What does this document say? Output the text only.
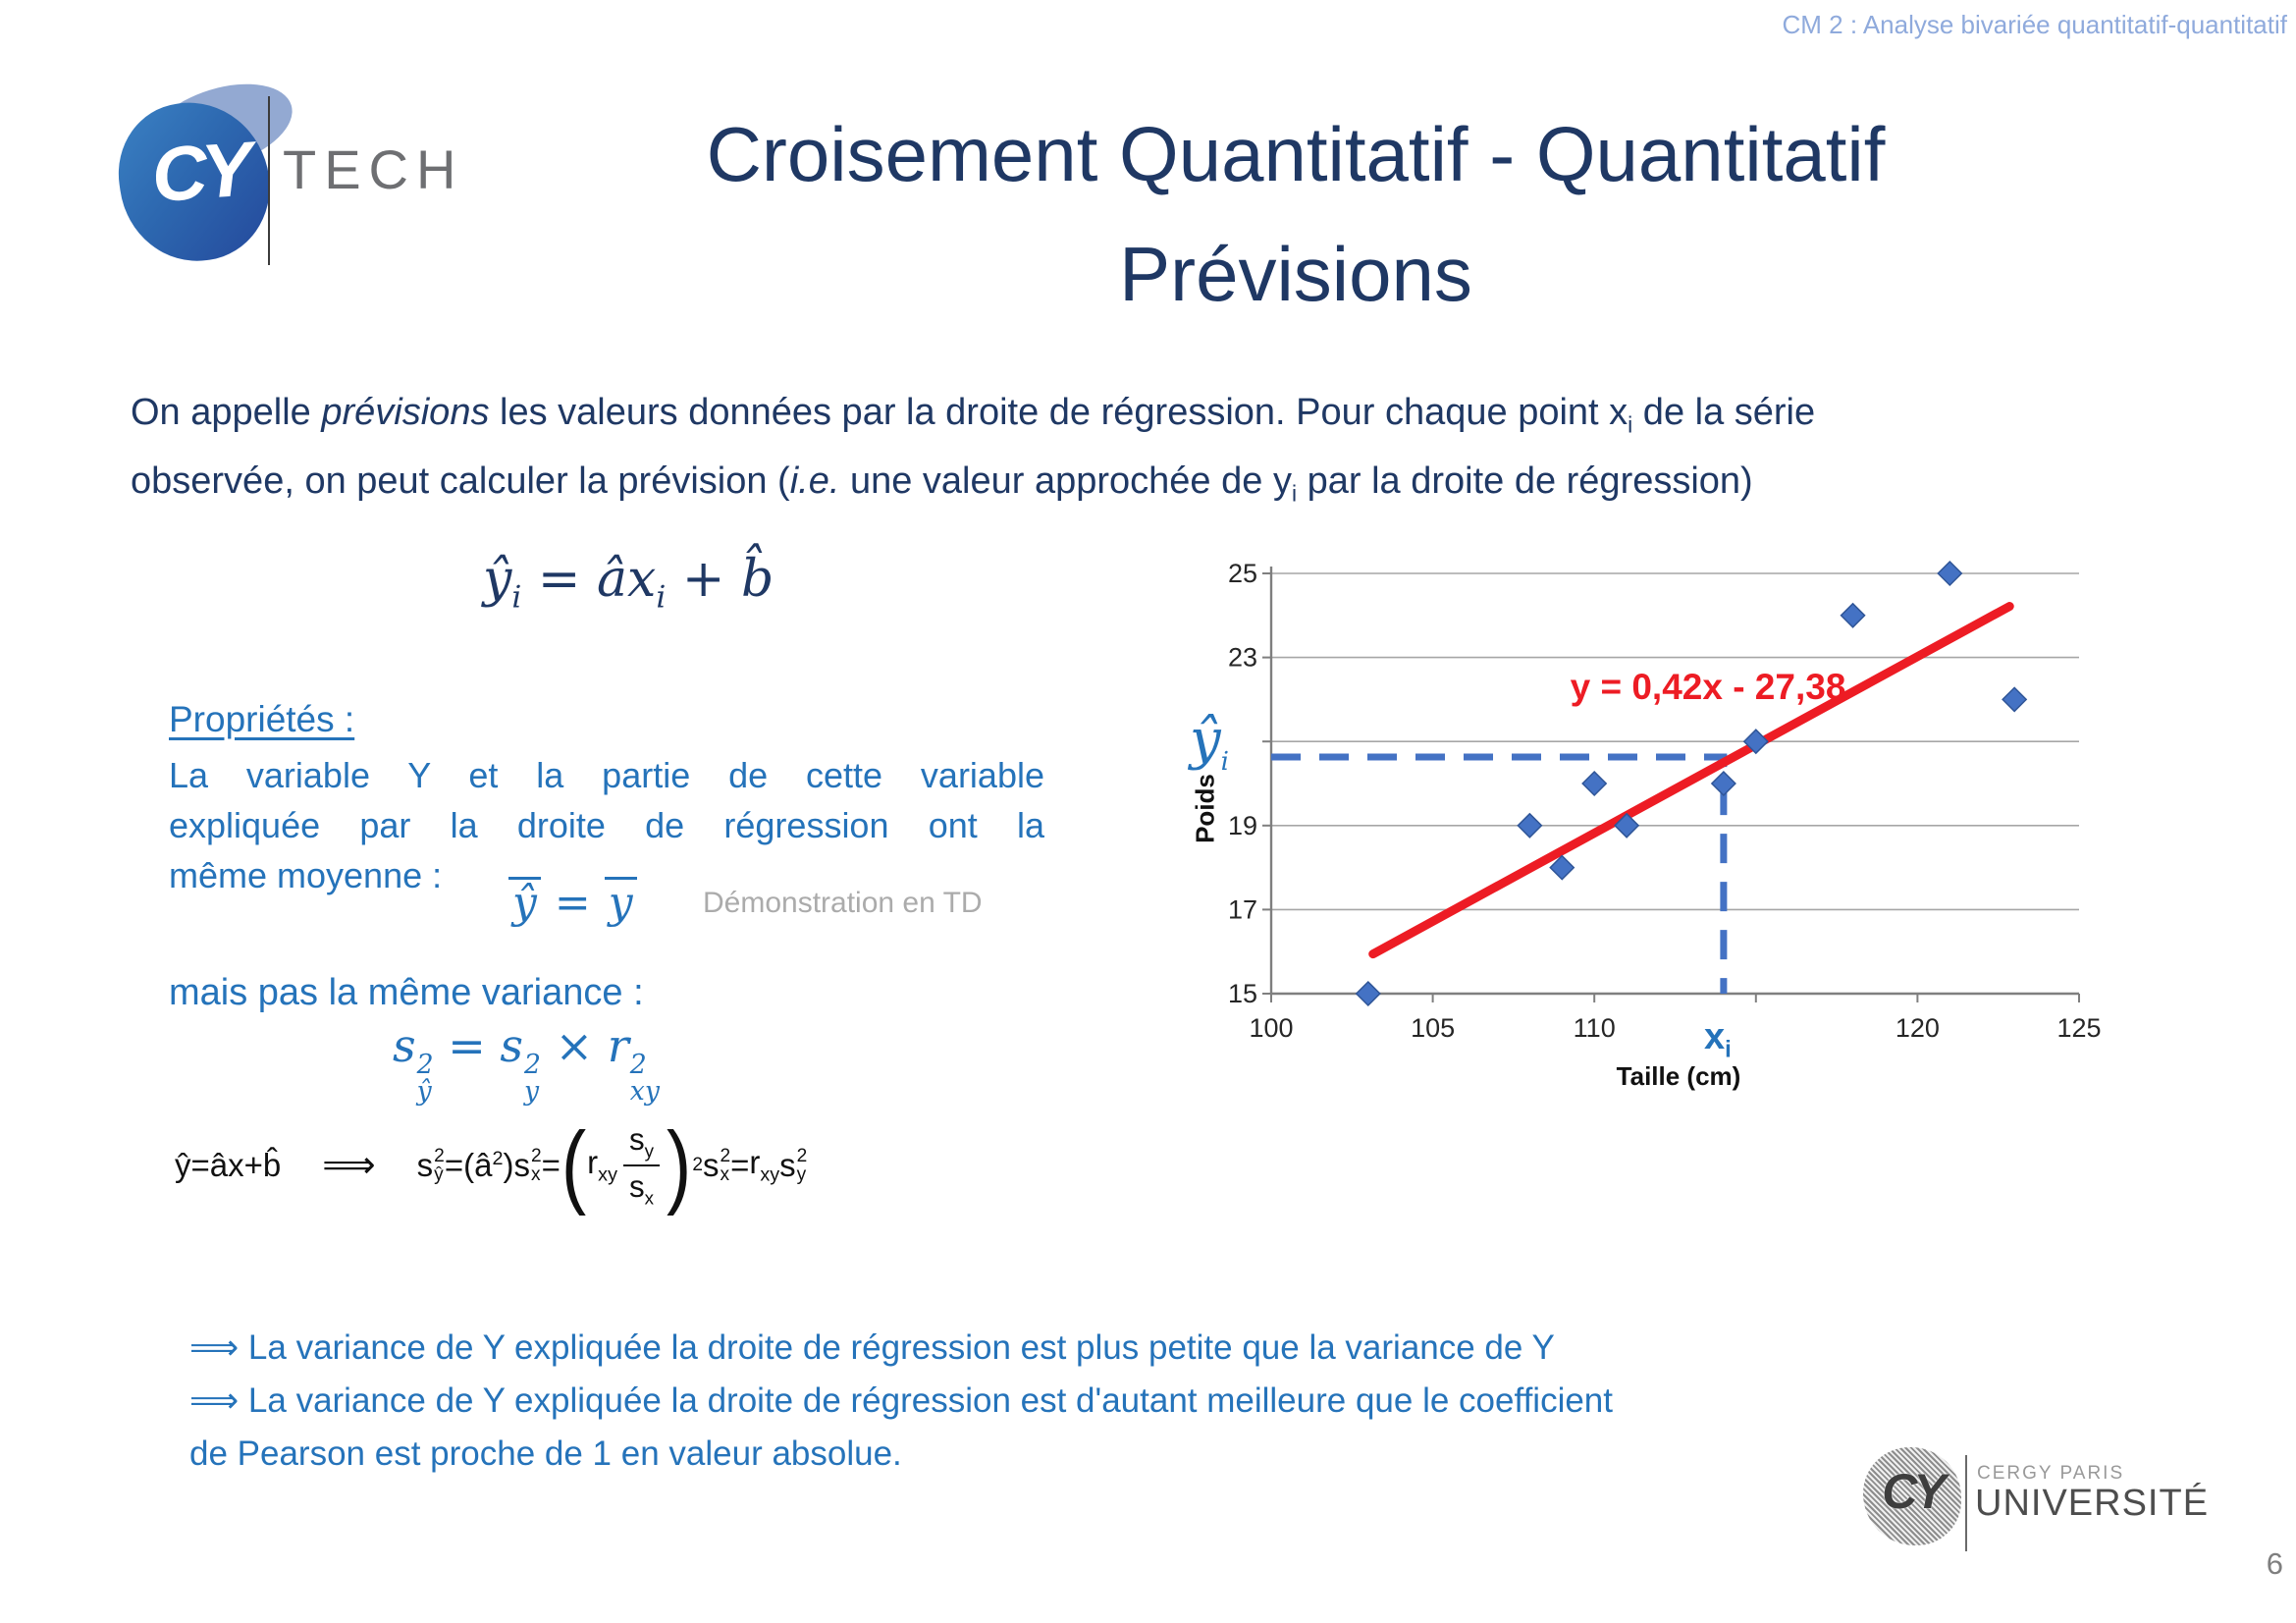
CM 2 : Analyse bivariée quantitatif-quantitatif
CY TECH	Croisement Quantitatif - Quantitatif
Prévisions
On appelle prévisions les valeurs données par la droite de régression. Pour chaque point $x_i$ de la série
observée, on peut calculer la prévision (i.e. une valeur approchée de $y_i$ par la droite de régression)
$ŷ_i$ = $âx_i$ + b̂
Propriétés :
La variable Y et la partie de cette variable
expliquée par la droite de régression ont la
même moyenne :
ŷ = y Démonstration en TD
mais pas la même variance :
s 2
ŷ
= s 2
y
× r 2
xy
ŷ = âx + b̂ ⟹ s 2
ŷ = ( $â^2$ ) s 2
x = ( $r_{xy} \frac{s_y}{s_x}$ ) 2 s 2
$x = r_{xy}$ s 2
y
⟹ La variance de Y expliquée la droite de régression est plus petite que la variance de Y
⟹ La variance de Y expliquée la droite de régression est d'autant meilleure que le coefficient
de Pearson est proche de 1 en valeur absolue.
15
17
19
23
25
100	105	110	120	125
y = 0,42x - 27,38
$ŷ_i$
$x_i$
Poids
Taille (cm)
CY	CERGY PARIS
UNIVERSITÉ
6
